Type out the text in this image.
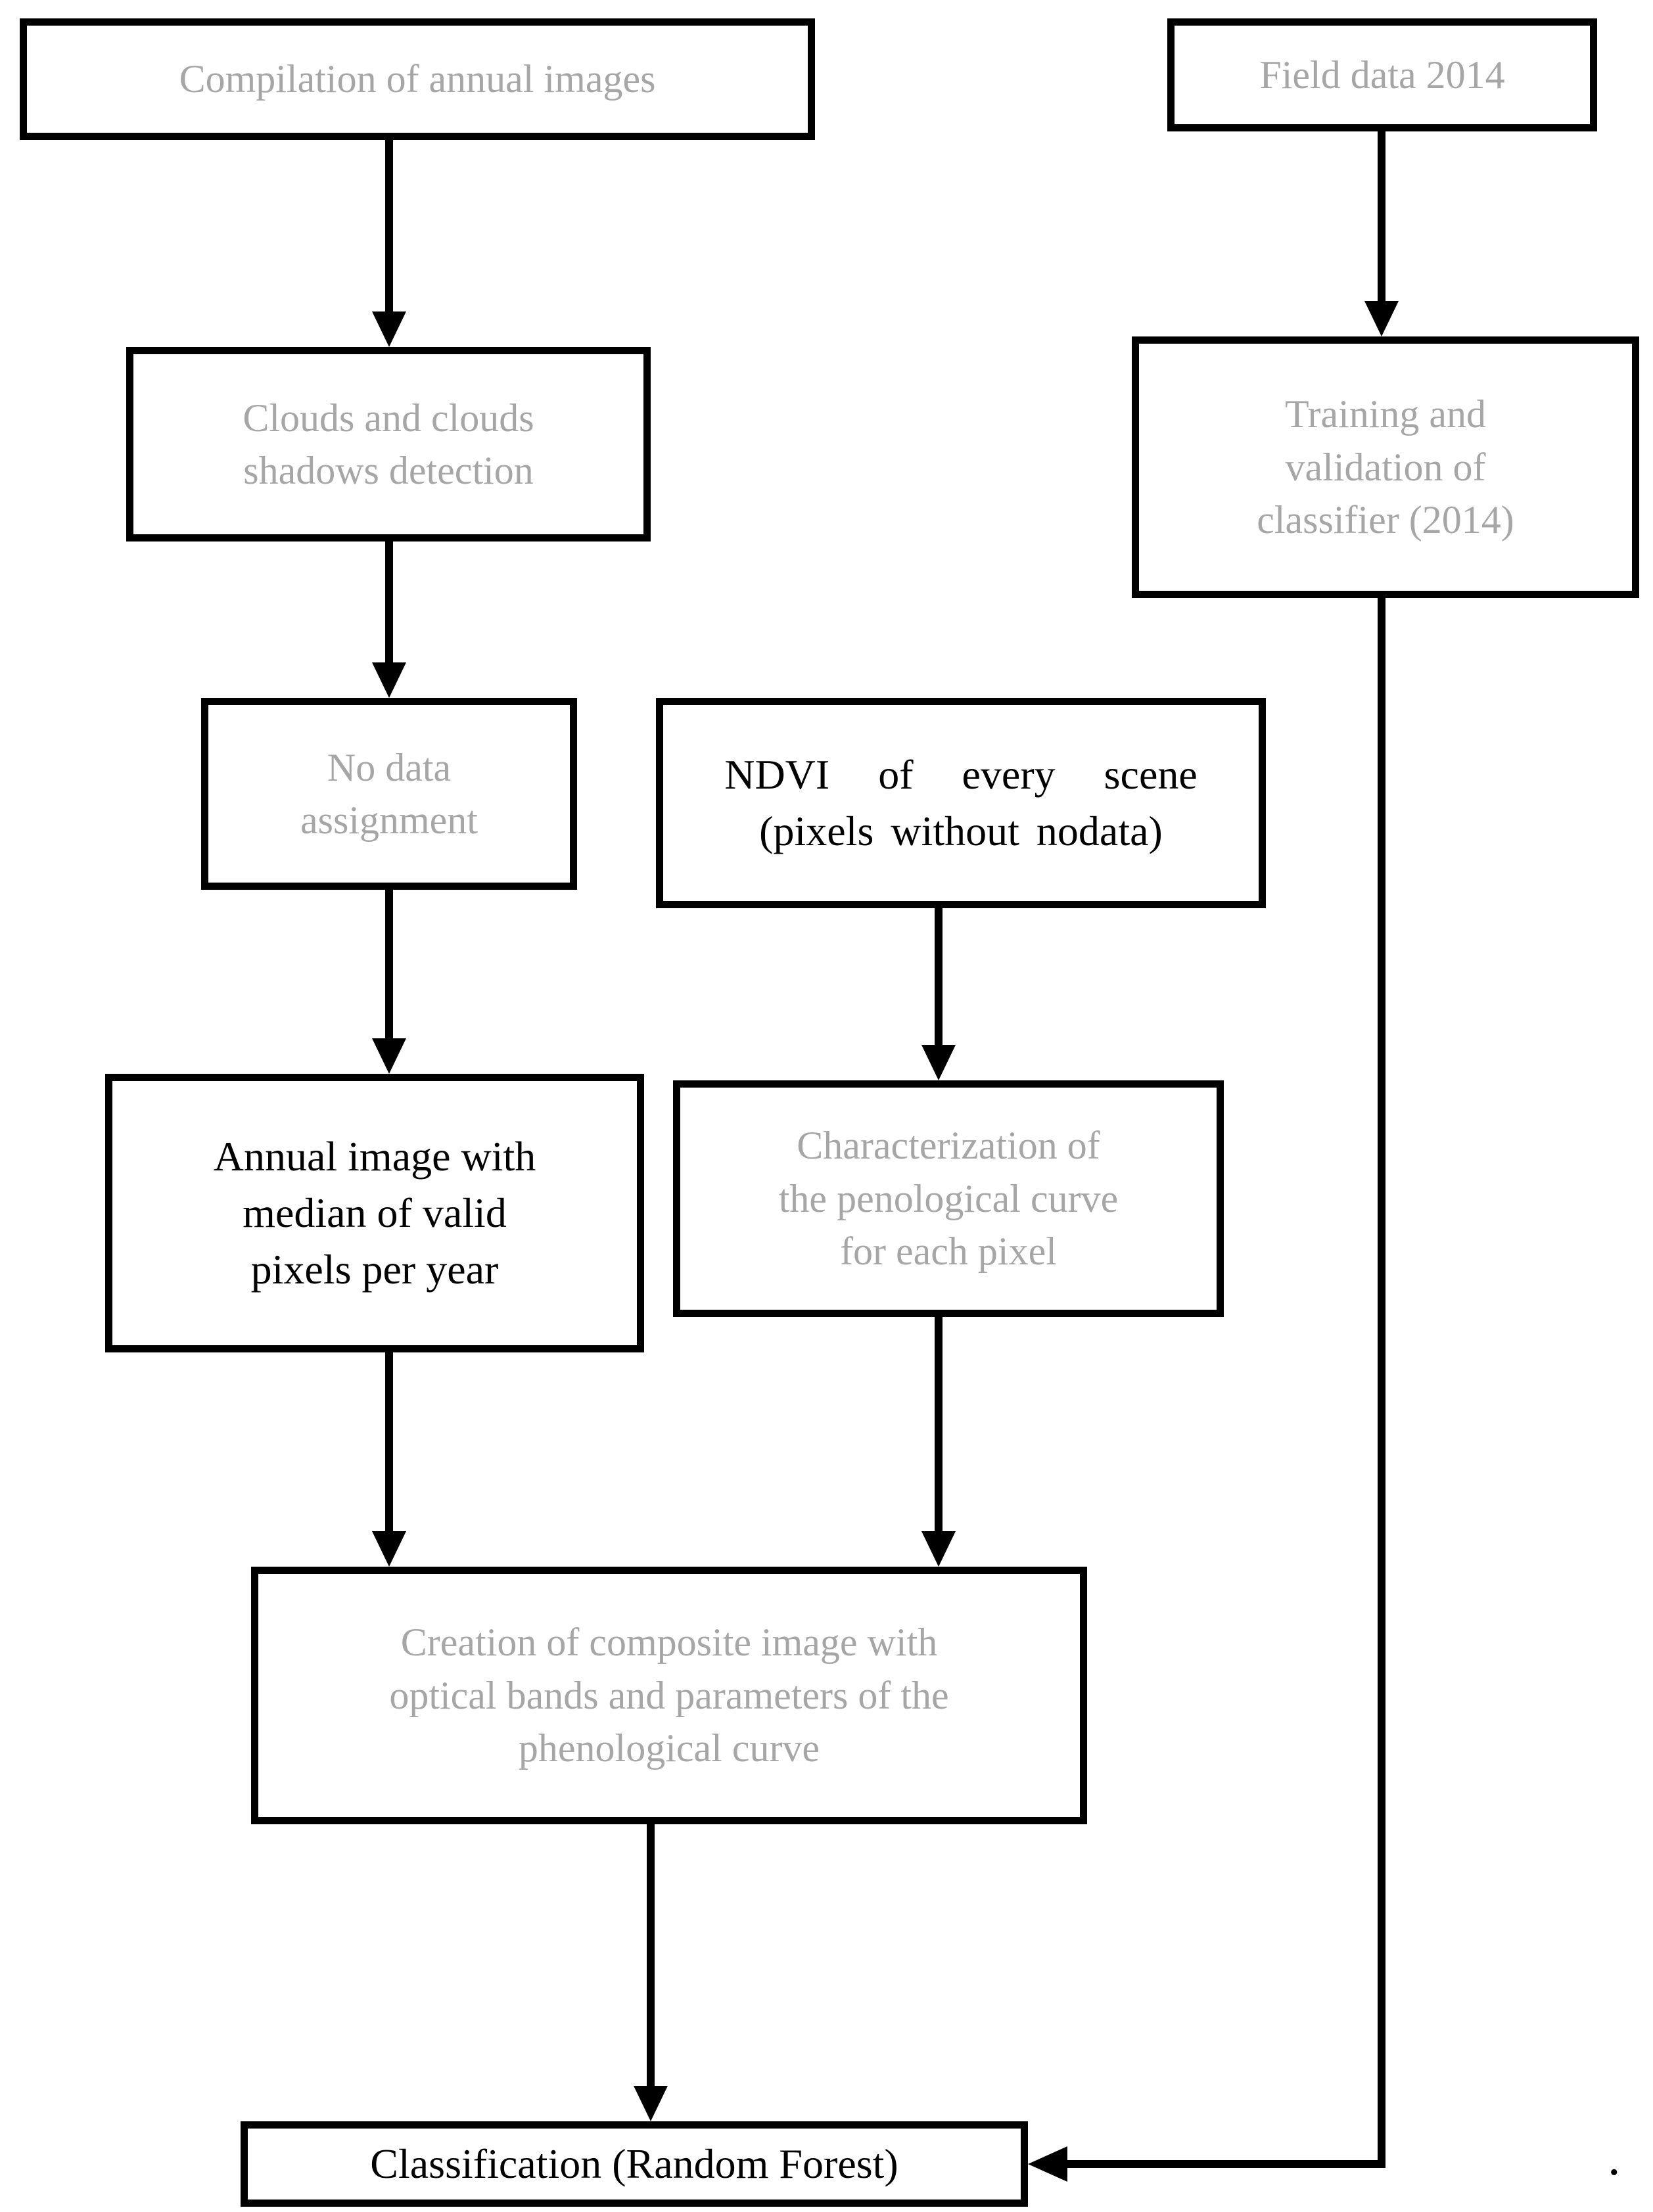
Compilation of annual images	Field data 2014
Clouds and clouds
shadows detection
Training and
validation of
classifier (2014)
No data
assignment
NDVI of every scene
(pixels without nodata)
Annual image with
median of valid
pixels per year
Characterization of
the penological curve
for each pixel
Creation of composite image with
optical bands and parameters of the
phenological curve
Classification (Random Forest)	.
